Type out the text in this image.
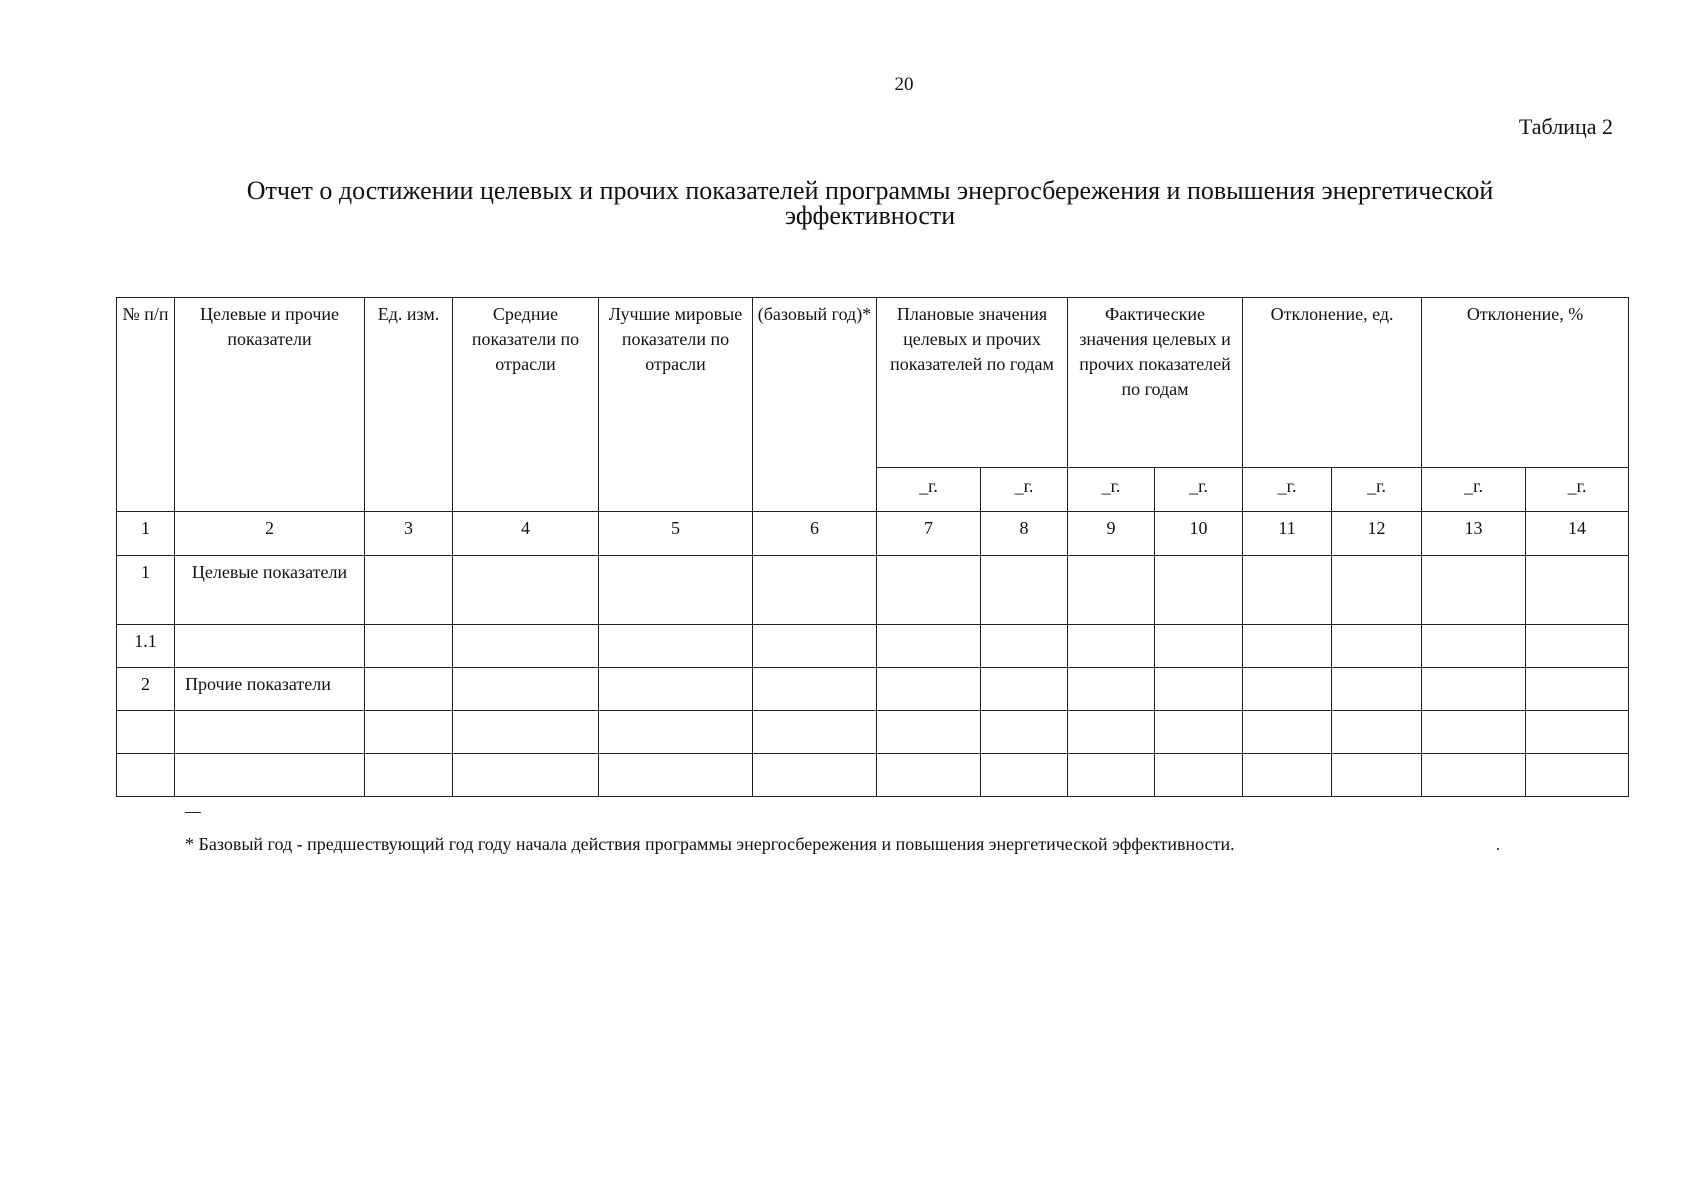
20
Таблица 2
Отчет о достижении целевых и прочих показателей программы энергосбережения и повышения энергетической
эффективности
№ п/п	Целевые и прочие показатели	Ед. изм.	Средние показатели по отрасли	Лучшие мировые показатели по отрасли	(базовый год)*	Плановые значения целевых и прочих показателей по годам		Фактические значения целевых и прочих показателей по годам		Отклонение, ед.		Отклонение, %	
						_г.	_г.	_г.	_г.	_г.	_г.	_г.	_г.
1	2	3	4	5	6	7	8	9	10	11	12	13	14
1	Целевые показатели												
1.1													
2	Прочие показатели												

* Базовый год - предшествующий год году начала действия программы энергосбережения и повышения энергетической эффективности.
